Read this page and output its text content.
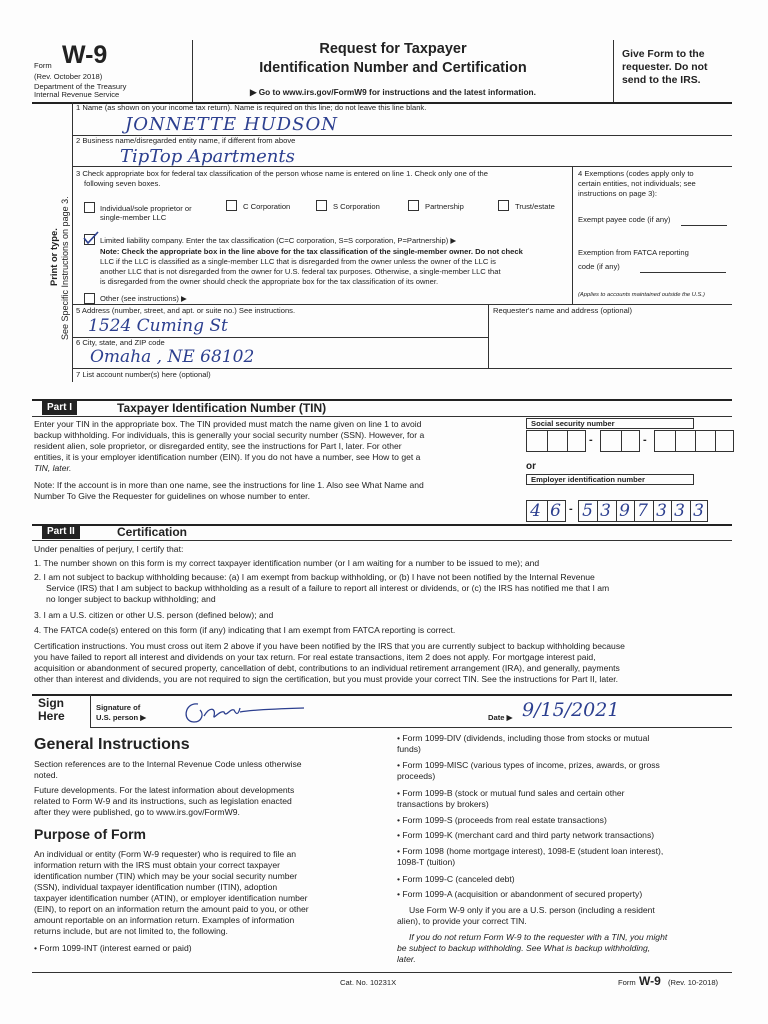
Form W-9
(Rev. October 2018)
Department of the Treasury
Internal Revenue Service
Request for Taxpayer
Identification Number and Certification
▶ Go to www.irs.gov/FormW9 for instructions and the latest information.
Give Form to the
requester. Do not
send to the IRS.
Print or type. See Specific Instructions on page 3.
1 Name (as shown on your income tax return). Name is required on this line; do not leave this line blank.
JONNETTE HUDSON
2 Business name/disregarded entity name, if different from above
TipTop Apartments
3 Check appropriate box for federal tax classification of the person whose name is entered on line 1. Check only one of the
following seven boxes.
Individual/sole proprietor or
single-member LLC
C Corporation	S Corporation	Partnership	Trust/estate
Limited liability company. Enter the tax classification (C=C corporation, S=S corporation, P=Partnership) ▶
Note: Check the appropriate box in the line above for the tax classification of the single-member owner. Do not check
LLC if the LLC is classified as a single-member LLC that is disregarded from the owner unless the owner of the LLC is
another LLC that is not disregarded from the owner for U.S. federal tax purposes. Otherwise, a single-member LLC that
is disregarded from the owner should check the appropriate box for the tax classification of its owner.
Other (see instructions) ▶
4 Exemptions (codes apply only to
certain entities, not individuals; see
instructions on page 3):
Exempt payee code (if any)
Exemption from FATCA reporting
code (if any)
(Applies to accounts maintained outside the U.S.)
5 Address (number, street, and apt. or suite no.) See instructions.
1524 Cuming St
Requester's name and address (optional)
6 City, state, and ZIP code
Omaha , NE 68102
7 List account number(s) here (optional)
Part I	Taxpayer Identification Number (TIN)

Enter your TIN in the appropriate box. The TIN provided must match the name given on line 1 to avoid

backup withholding. For individuals, this is generally your social security number (SSN). However, for a

resident alien, sole proprietor, or disregarded entity, see the instructions for Part I, later. For other

entities, it is your employer identification number (EIN). If you do not have a number, see How to get a

TIN, later.

Note: If the account is in more than one name, see the instructions for line 1. Also see What Name and

Number To Give the Requester for guidelines on whose number to enter.

Social security number
-	-
or
Employer identification number
4 6 - 5 3 9 7 3 3 3
Part II	Certification

Under penalties of perjury, I certify that:

1. The number shown on this form is my correct taxpayer identification number (or I am waiting for a number to be issued to me); and

2. I am not subject to backup withholding because: (a) I am exempt from backup withholding, or (b) I have not been notified by the Internal Revenue

Service (IRS) that I am subject to backup withholding as a result of a failure to report all interest or dividends, or (c) the IRS has notified me that I am

no longer subject to backup withholding; and

3. I am a U.S. citizen or other U.S. person (defined below); and

4. The FATCA code(s) entered on this form (if any) indicating that I am exempt from FATCA reporting is correct.

Certification instructions. You must cross out item 2 above if you have been notified by the IRS that you are currently subject to backup withholding because

you have failed to report all interest and dividends on your tax return. For real estate transactions, item 2 does not apply. For mortgage interest paid,

acquisition or abandonment of secured property, cancellation of debt, contributions to an individual retirement arrangement (IRA), and generally, payments

other than interest and dividends, you are not required to sign the certification, but you must provide your correct TIN. See the instructions for Part II, later.

Sign
Here
Signature of
U.S. person ▶	Date ▶ 9/15/2021
General Instructions

Section references are to the Internal Revenue Code unless otherwise

noted.

Future developments. For the latest information about developments

related to Form W-9 and its instructions, such as legislation enacted

after they were published, go to www.irs.gov/FormW9.

Purpose of Form

An individual or entity (Form W-9 requester) who is required to file an

information return with the IRS must obtain your correct taxpayer

identification number (TIN) which may be your social security number

(SSN), individual taxpayer identification number (ITIN), adoption

taxpayer identification number (ATIN), or employer identification number

(EIN), to report on an information return the amount paid to you, or other

amount reportable on an information return. Examples of information

returns include, but are not limited to, the following.

• Form 1099-INT (interest earned or paid)

• Form 1099-DIV (dividends, including those from stocks or mutual

funds)

• Form 1099-MISC (various types of income, prizes, awards, or gross

proceeds)

• Form 1099-B (stock or mutual fund sales and certain other

transactions by brokers)

• Form 1099-S (proceeds from real estate transactions)

• Form 1099-K (merchant card and third party network transactions)

• Form 1098 (home mortgage interest), 1098-E (student loan interest),

1098-T (tuition)

• Form 1099-C (canceled debt)

• Form 1099-A (acquisition or abandonment of secured property)

Use Form W-9 only if you are a U.S. person (including a resident

alien), to provide your correct TIN.

If you do not return Form W-9 to the requester with a TIN, you might

be subject to backup withholding. See What is backup withholding,

later.

Cat. No. 10231X	Form W-9 (Rev. 10-2018)
